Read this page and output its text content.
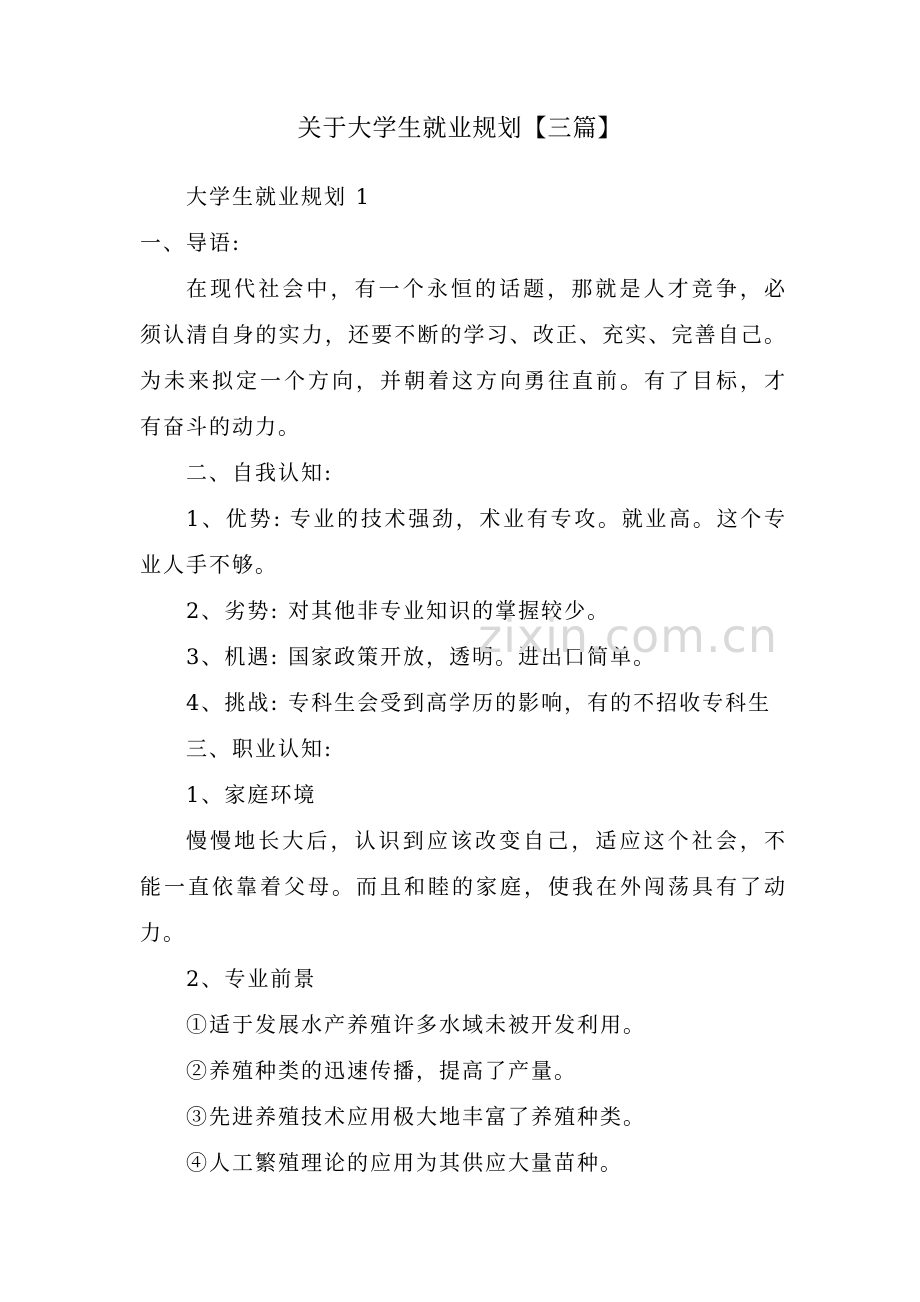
关于大学生就业规划【三篇】
大学生就业规划 1
一、导语:
在现代社会中，有一个永恒的话题，那就是人才竞争，必
须认清自身的实力，还要不断的学习、改正、充实、完善自己。
为未来拟定一个方向，并朝着这方向勇往直前。有了目标，才
有奋斗的动力。
二、自我认知:
1、优势: 专业的技术强劲，术业有专攻。就业高。这个专
业人手不够。
2、劣势: 对其他非专业知识的掌握较少。
3、机遇: 国家政策开放，透明。进出口简单。
4、挑战: 专科生会受到高学历的影响，有的不招收专科生
三、职业认知:
1、家庭环境
慢慢地长大后，认识到应该改变自己，适应这个社会，不
能一直依靠着父母。而且和睦的家庭，使我在外闯荡具有了动
力。
2、专业前景
①适于发展水产养殖许多水域未被开发利用。
②养殖种类的迅速传播，提高了产量。
③先进养殖技术应用极大地丰富了养殖种类。
④人工繁殖理论的应用为其供应大量苗种。
zixin.com.cn
